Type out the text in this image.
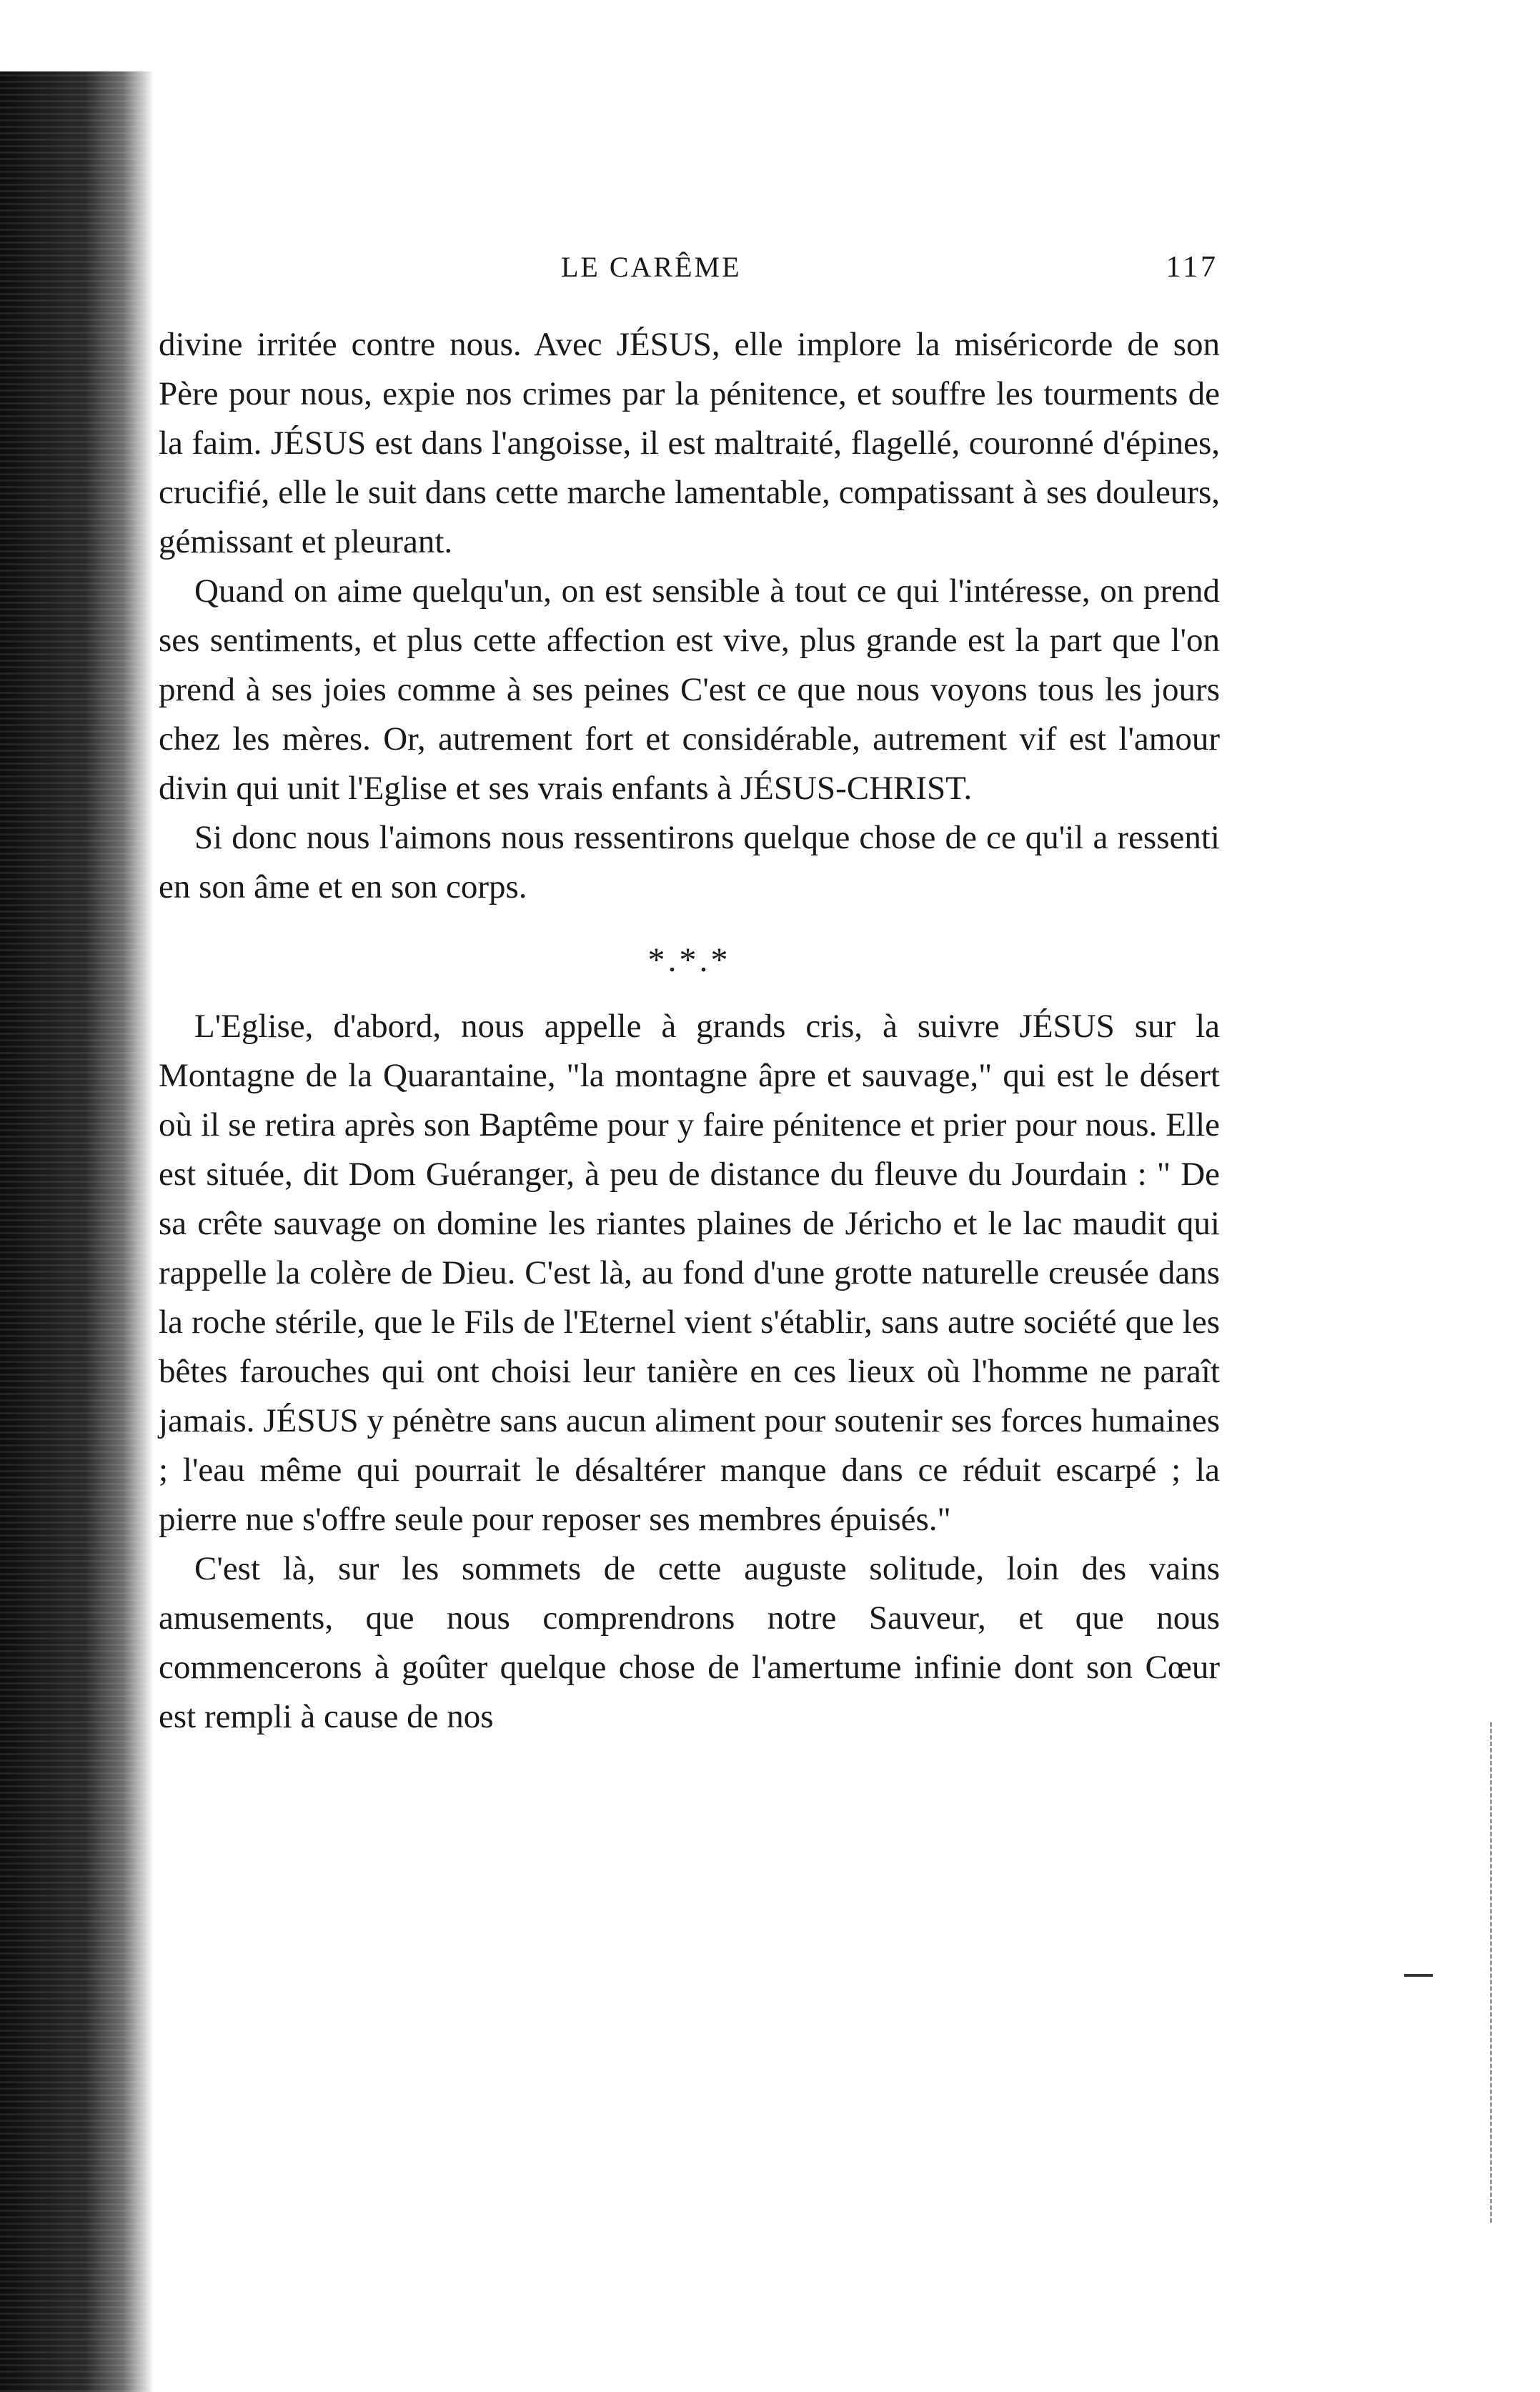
LE CARÊME	117

divine irritée contre nous. Avec JÉSUS, elle implore la miséricorde de son Père pour nous, expie nos crimes par la pénitence, et souffre les tourments de la faim. JÉSUS est dans l'angoisse, il est maltraité, flagellé, couronné d'épines, crucifié, elle le suit dans cette marche lamentable, compatissant à ses douleurs, gémissant et pleurant.

Quand on aime quelqu'un, on est sensible à tout ce qui l'intéresse, on prend ses sentiments, et plus cette affection est vive, plus grande est la part que l'on prend à ses joies comme à ses peines C'est ce que nous voyons tous les jours chez les mères. Or, autrement fort et considérable, autrement vif est l'amour divin qui unit l'Eglise et ses vrais enfants à JÉSUS-CHRIST.

Si donc nous l'aimons nous ressentirons quelque chose de ce qu'il a ressenti en son âme et en son corps.

*.*.*

L'Eglise, d'abord, nous appelle à grands cris, à suivre JÉSUS sur la Montagne de la Quarantaine, "la montagne âpre et sauvage," qui est le désert où il se retira après son Baptême pour y faire pénitence et prier pour nous. Elle est située, dit Dom Guéranger, à peu de distance du fleuve du Jourdain : " De sa crête sauvage on domine les riantes plaines de Jéricho et le lac maudit qui rappelle la colère de Dieu. C'est là, au fond d'une grotte naturelle creusée dans la roche stérile, que le Fils de l'Eternel vient s'établir, sans autre société que les bêtes farouches qui ont choisi leur tanière en ces lieux où l'homme ne paraît jamais. JÉSUS y pénètre sans aucun aliment pour soutenir ses forces humaines ; l'eau même qui pourrait le désaltérer manque dans ce réduit escarpé ; la pierre nue s'offre seule pour reposer ses membres épuisés."

C'est là, sur les sommets de cette auguste solitude, loin des vains amusements, que nous comprendrons notre Sauveur, et que nous commencerons à goûter quelque chose de l'amertume infinie dont son Cœur est rempli à cause de nos
